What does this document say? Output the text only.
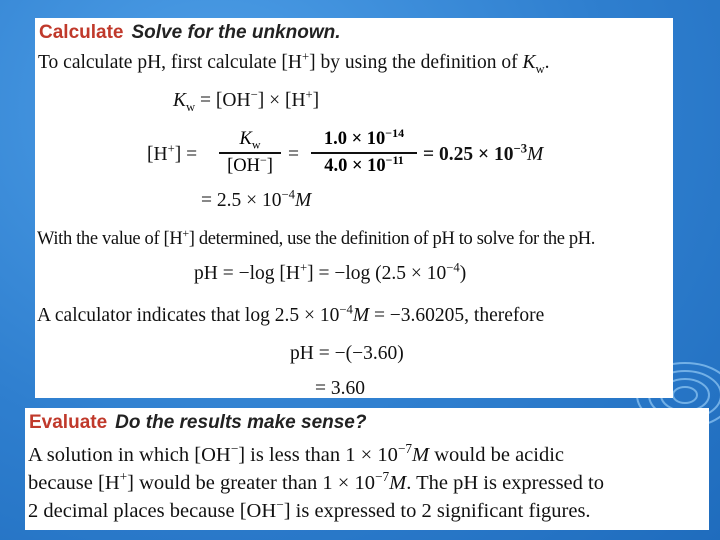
Calculate Solve for the unknown.
To calculate pH, first calculate [H+] by using the definition of $K_w$.
$K_w = [OH^-] \times [H^+]$
[H+] =
$K_w$
[OH−]
=
$1.0 \times 10^{-14}$
$4.0 \times 10^{-11} = 0.25 \times 10^{-3}M$
= $2.5 \times 10^{-4}M$
With the value of [H+] determined, use the definition of pH to solve for the pH.
pH = −log [H+] = −log $(2.5 \times 10^{-4})$
A calculator indicates that $\log 2.5 \times 10^{-4}M = -3.60205$, therefore
pH = −(−3.60)
= 3.60
Evaluate Do the results make sense?
A solution in which [OH−] is less than $1 \times 10^{-7}M$ would be acidic
because [H+] would be greater than $1 \times 10^{-7}M$. The pH is expressed to
2 decimal places because [OH−] is expressed to 2 significant figures.
